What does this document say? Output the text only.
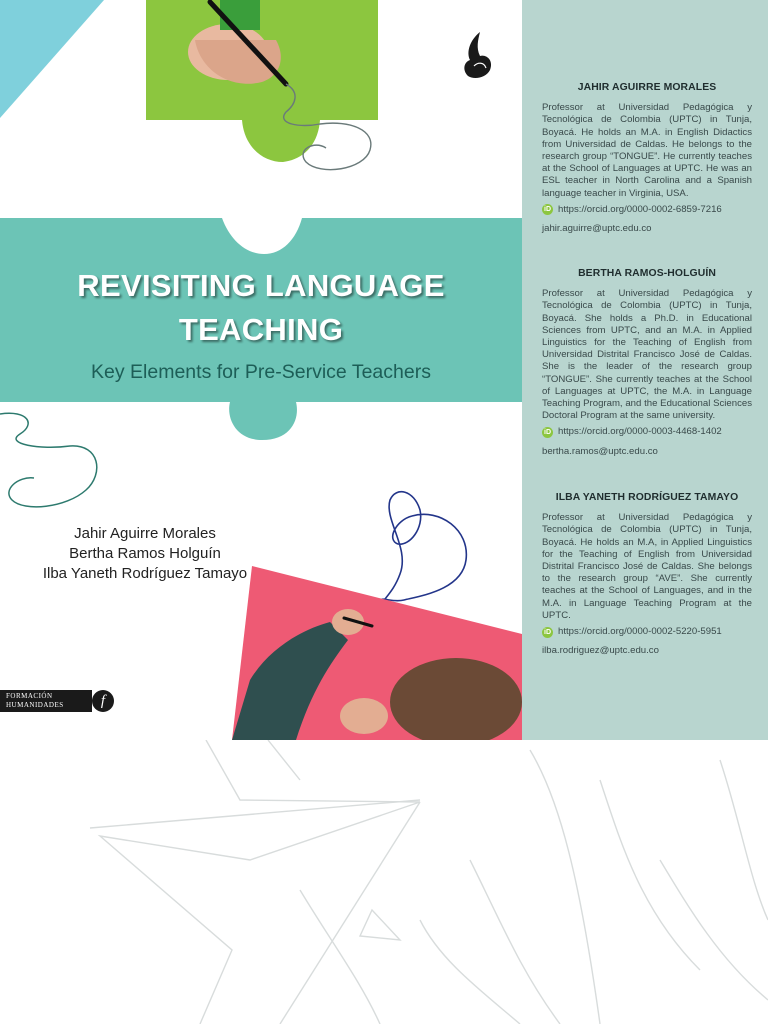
REVISITING LANGUAGE
TEACHING
Key Elements for Pre-Service Teachers
Jahir Aguirre Morales
Bertha Ramos Holguín
Ilba Yaneth Rodríguez Tamayo
FORMACIÓN
HUMANIDADES	f
JAHIR AGUIRRE MORALES

Professor at Universidad Pedagógica y Tecnológica de Colombia (UPTC) in Tunja, Boyacá. He holds an M.A. in English Didactics from Universidad de Caldas. He belongs to the research group “TONGUE”. He currently teaches at the School of Languages at UPTC. He was an ESL teacher in North Carolina and a Spanish language teacher in Virginia, USA.

iD https://orcid.org/0000-0002-6859-7216
jahir.aguirre@uptc.edu.co
BERTHA RAMOS-HOLGUÍN

Professor at Universidad Pedagógica y Tecnológica de Colombia (UPTC) in Tunja, Boyacá. She holds a Ph.D. in Educational Sciences from UPTC, and an M.A. in Applied Linguistics for the Teaching of English from Universidad Distrital Francisco José de Caldas. She is the leader of the research group “TONGUE”. She currently teaches at the School of Languages at UPTC, the M.A. in Language Teaching Program, and the Educational Sciences Doctoral Program at the same university.

iD https://orcid.org/0000-0003-4468-1402
bertha.ramos@uptc.edu.co
ILBA YANETH RODRÍGUEZ TAMAYO

Professor at Universidad Pedagógica y Tecnológica de Colombia (UPTC) in Tunja, Boyacá. He holds an M.A, in Applied Linguistics for the Teaching of English from Universidad Distrital Francisco José de Caldas. She belongs to the research group “AVE”. She currently teaches at the School of Languages, and in the M.A. in Language Teaching Program at the UPTC.

iD https://orcid.org/0000-0002-5220-5951
ilba.rodriguez@uptc.edu.co
